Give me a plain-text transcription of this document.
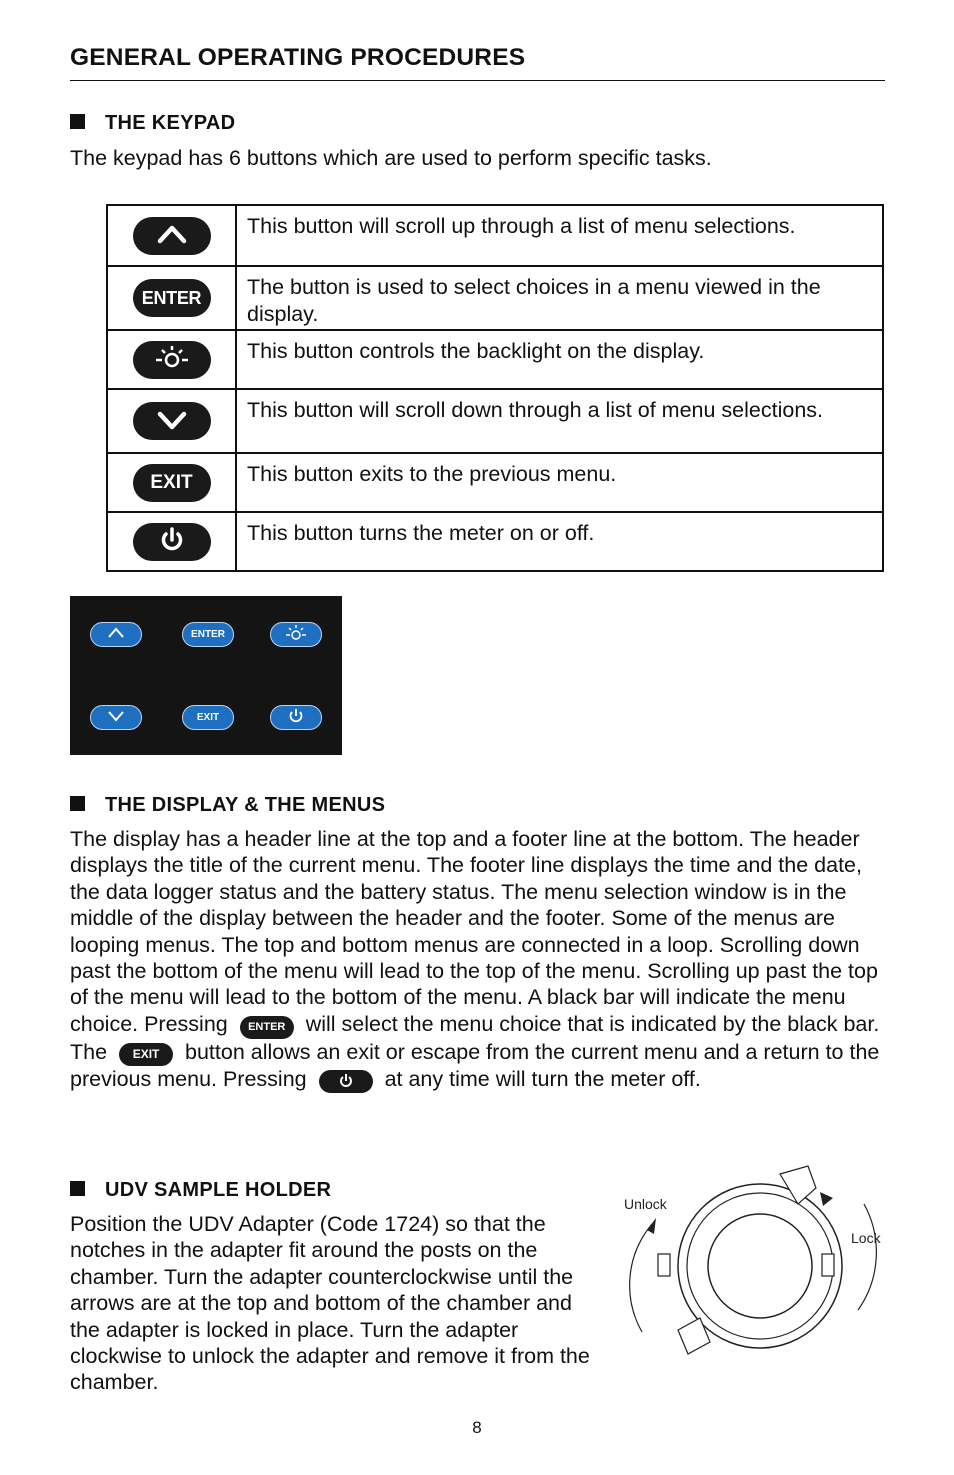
GENERAL OPERATING PROCEDURES
THE KEYPAD

The keypad has 6 buttons which are used to perform specific tasks.

	This button will scroll up through a list of menu selections.
ENTER	The button is used to select choices in a menu viewed in the display.
	This button controls the backlight on the display.
	This button will scroll down through a list of menu selections.
EXIT	This button exits to the previous menu.
	This button turns the meter on or off.
ENTER
EXIT
THE DISPLAY & THE MENUS

The display has a header line at the top and a footer line at the bottom. The header displays the title of the current menu. The footer line displays the time and the date, the data logger status and the battery status. The menu selection window is in the middle of the display between the header and the footer. Some of the menus are looping menus. The top and bottom menus are connected in a loop. Scrolling down past the bottom of the menu will lead to the top of the menu. Scrolling up past the top of the menu will lead to the bottom of the menu. A black bar will indicate the menu choice. Pressing ENTER will select the menu choice that is indicated by the black bar. The EXIT button allows an exit or escape from the current menu and a return to the previous menu. Pressing	at any time will turn the meter off.

UDV SAMPLE HOLDER

Position the UDV Adapter (Code 1724) so that the notches in the adapter fit around the posts on the chamber. Turn the adapter counterclockwise until the arrows are at the top and bottom of the chamber and the adapter is locked in place. Turn the adapter clockwise to unlock the adapter and remove it from the chamber.

Unlock
Lock

8
